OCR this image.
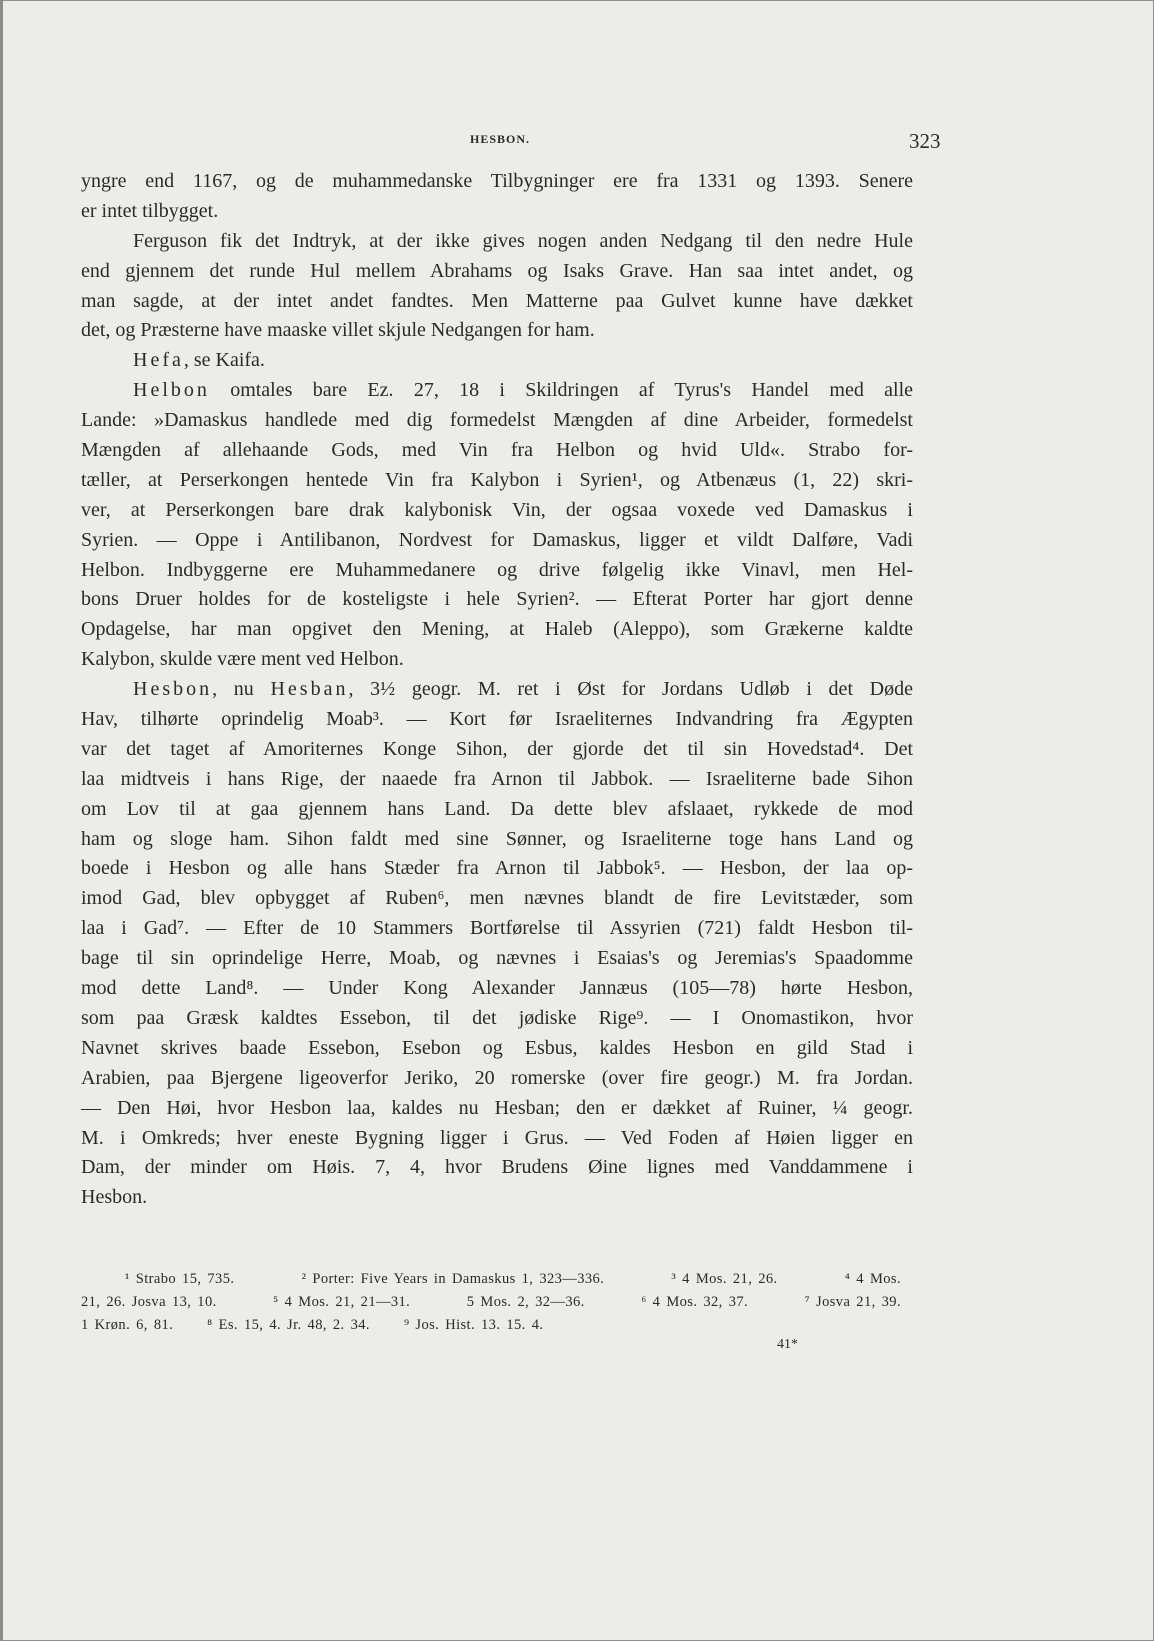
HESBON.	323
yngre end 1167, og de muhammedanske Tilbygninger ere fra 1331 og 1393. Senere
er intet tilbygget.
Ferguson fik det Indtryk, at der ikke gives nogen anden Nedgang til den nedre Hule
end gjennem det runde Hul mellem Abrahams og Isaks Grave. Han saa intet andet, og
man sagde, at der intet andet fandtes. Men Matterne paa Gulvet kunne have dækket
det, og Præsterne have maaske villet skjule Nedgangen for ham.
Hefa, se Kaifa.
Helbon omtales bare Ez. 27, 18 i Skildringen af Tyrus's Handel med alle
Lande: »Damaskus handlede med dig formedelst Mængden af dine Arbeider, formedelst
Mængden af allehaande Gods, med Vin fra Helbon og hvid Uld«. Strabo for-
tæller, at Perserkongen hentede Vin fra Kalybon i Syrien¹, og Atbenæus (1, 22) skri-
ver, at Perserkongen bare drak kalybonisk Vin, der ogsaa voxede ved Damaskus i
Syrien. — Oppe i Antilibanon, Nordvest for Damaskus, ligger et vildt Dalføre, Vadi
Helbon. Indbyggerne ere Muhammedanere og drive følgelig ikke Vinavl, men Hel-
bons Druer holdes for de kosteligste i hele Syrien². — Efterat Porter har gjort denne
Opdagelse, har man opgivet den Mening, at Haleb (Aleppo), som Grækerne kaldte
Kalybon, skulde være ment ved Helbon.
Hesbon, nu Hesban, 3½ geogr. M. ret i Øst for Jordans Udløb i det Døde
Hav, tilhørte oprindelig Moab³. — Kort før Israeliternes Indvandring fra Ægypten
var det taget af Amoriternes Konge Sihon, der gjorde det til sin Hovedstad⁴. Det
laa midtveis i hans Rige, der naaede fra Arnon til Jabbok. — Israeliterne bade Sihon
om Lov til at gaa gjennem hans Land. Da dette blev afslaaet, rykkede de mod
ham og sloge ham. Sihon faldt med sine Sønner, og Israeliterne toge hans Land og
boede i Hesbon og alle hans Stæder fra Arnon til Jabbok⁵. — Hesbon, der laa op-
imod Gad, blev opbygget af Ruben⁶, men nævnes blandt de fire Levitstæder, som
laa i Gad⁷. — Efter de 10 Stammers Bortførelse til Assyrien (721) faldt Hesbon til-
bage til sin oprindelige Herre, Moab, og nævnes i Esaias's og Jeremias's Spaadomme
mod dette Land⁸. — Under Kong Alexander Jannæus (105—78) hørte Hesbon,
som paa Græsk kaldtes Essebon, til det jødiske Rige⁹. — I Onomastikon, hvor
Navnet skrives baade Essebon, Esebon og Esbus, kaldes Hesbon en gild Stad i
Arabien, paa Bjergene ligeoverfor Jeriko, 20 romerske (over fire geogr.) M. fra Jordan.
— Den Høi, hvor Hesbon laa, kaldes nu Hesban; den er dækket af Ruiner, ¼ geogr.
M. i Omkreds; hver eneste Bygning ligger i Grus. — Ved Foden af Høien ligger en
Dam, der minder om Høis. 7, 4, hvor Brudens Øine lignes med Vanddammene i
Hesbon.
¹ Strabo 15, 735.	² Porter: Five Years in Damaskus 1, 323—336.	³ 4 Mos. 21, 26.	⁴ 4 Mos.
21, 26. Josva 13, 10.	⁵ 4 Mos. 21, 21—31.	5 Mos. 2, 32—36.	⁶ 4 Mos. 32, 37.	⁷ Josva 21, 39.
1 Krøn. 6, 81. ⁸ Es. 15, 4. Jr. 48, 2. 34. ⁹ Jos. Hist. 13. 15. 4.
41*
